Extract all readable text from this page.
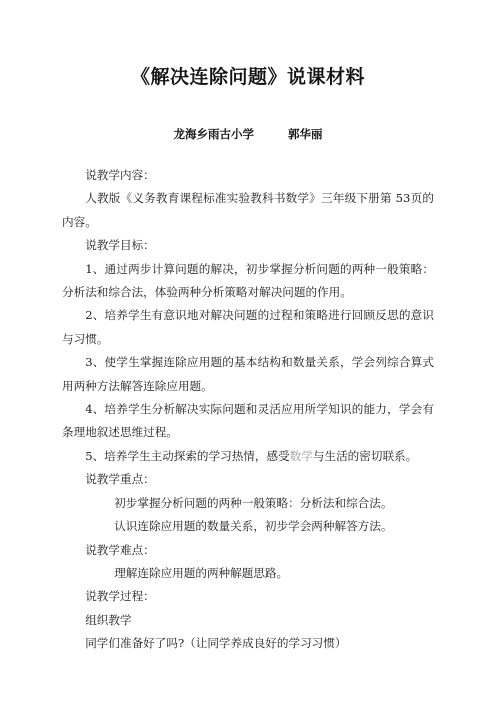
《解决连除问题》说课材料
龙海乡雨古小学	郭华丽

说教学内容：

人教版《义务教育课程标准实验教科书数学》三年级下册第 53页的内容。

说教学目标：

1、通过两步计算问题的解决，初步掌握分析问题的两种一般策略：分析法和综合法，体验两种分析策略对解决问题的作用。

2、培养学生有意识地对解决问题的过程和策略进行回顾反思的意识与习惯。

3、使学生掌握连除应用题的基本结构和数量关系，学会列综合算式用两种方法解答连除应用题。

4、培养学生分析解决实际问题和灵活应用所学知识的能力，学会有条理地叙述思维过程。

5、培养学生主动探索的学习热情，感受数学与生活的密切联系。

说教学重点：

初步掌握分析问题的两种一般策略：分析法和综合法。

认识连除应用题的数量关系，初步学会两种解答方法。

说教学难点：

理解连除应用题的两种解题思路。

说教学过程：

组织教学

同学们准备好了吗?（让同学养成良好的学习习惯）
